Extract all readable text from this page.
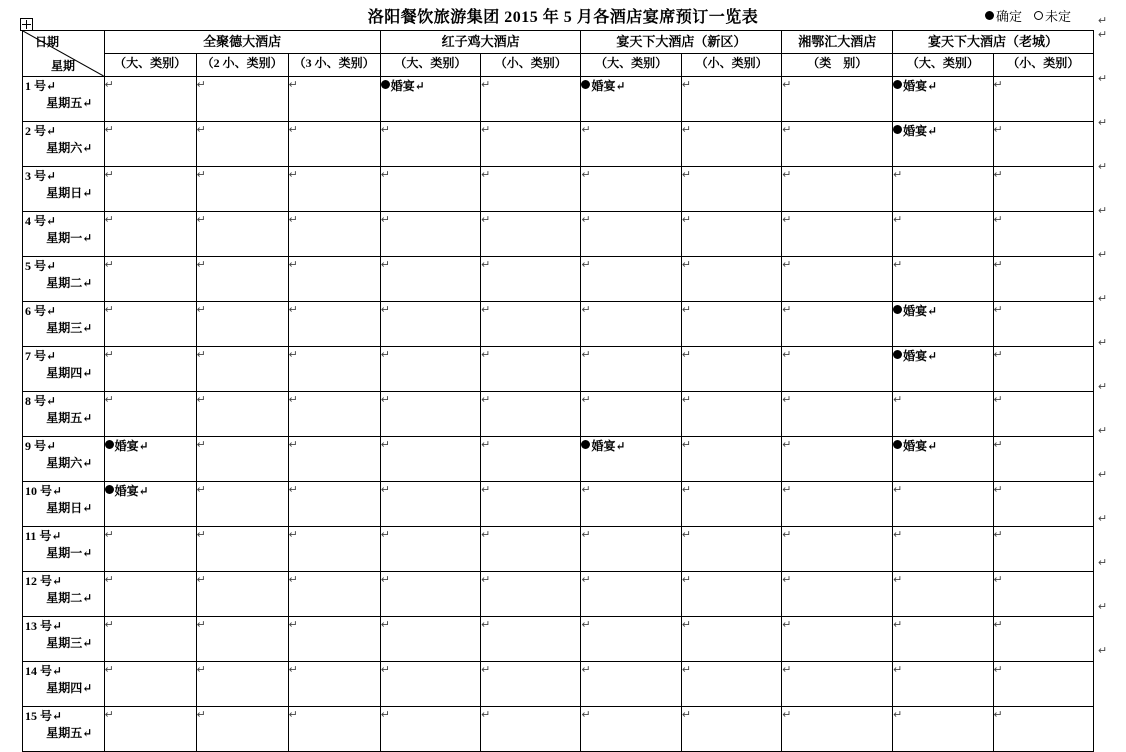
洛阳餐饮旅游集团 2015 年 5 月各酒店宴席预订一览表	确定 未定
日期
星期	全聚德大酒店			红子鸡大酒店		宴天下大酒店（新区）		湘鄂汇大酒店	宴天下大酒店（老城）	
	（大、类别）	（2 小、类别）	（3 小、类别）	（大、类别）	（小、类别）	（大、类别）	（小、类别）	（类　别）	（大、类别）	（小、类别）

1 号↵
星期五↵	↵	↵	↵	婚宴↵	↵	婚宴↵	↵	↵	婚宴↵	↵

2 号↵
星期六↵	↵	↵	↵	↵	↵	↵	↵	↵	婚宴↵	↵

3 号↵
星期日↵	↵	↵	↵	↵	↵	↵	↵	↵	↵	↵

4 号↵
星期一↵	↵	↵	↵	↵	↵	↵	↵	↵	↵	↵

5 号↵
星期二↵	↵	↵	↵	↵	↵	↵	↵	↵	↵	↵

6 号↵
星期三↵	↵	↵	↵	↵	↵	↵	↵	↵	婚宴↵	↵

7 号↵
星期四↵	↵	↵	↵	↵	↵	↵	↵	↵	婚宴↵	↵

8 号↵
星期五↵	↵	↵	↵	↵	↵	↵	↵	↵	↵	↵

9 号↵
星期六↵	婚宴↵	↵	↵	↵	↵	婚宴↵	↵	↵	婚宴↵	↵

10 号↵
星期日↵	婚宴↵	↵	↵	↵	↵	↵	↵	↵	↵	↵

11 号↵
星期一↵	↵	↵	↵	↵	↵	↵	↵	↵	↵	↵

12 号↵
星期二↵	↵	↵	↵	↵	↵	↵	↵	↵	↵	↵

13 号↵
星期三↵	↵	↵	↵	↵	↵	↵	↵	↵	↵	↵

14 号↵
星期四↵	↵	↵	↵	↵	↵	↵	↵	↵	↵	↵

15 号↵
星期五↵	↵	↵	↵	↵	↵	↵	↵	↵	↵	↵
↵
↵
↵
↵
↵
↵
↵
↵
↵
↵
↵
↵
↵
↵
↵
↵
